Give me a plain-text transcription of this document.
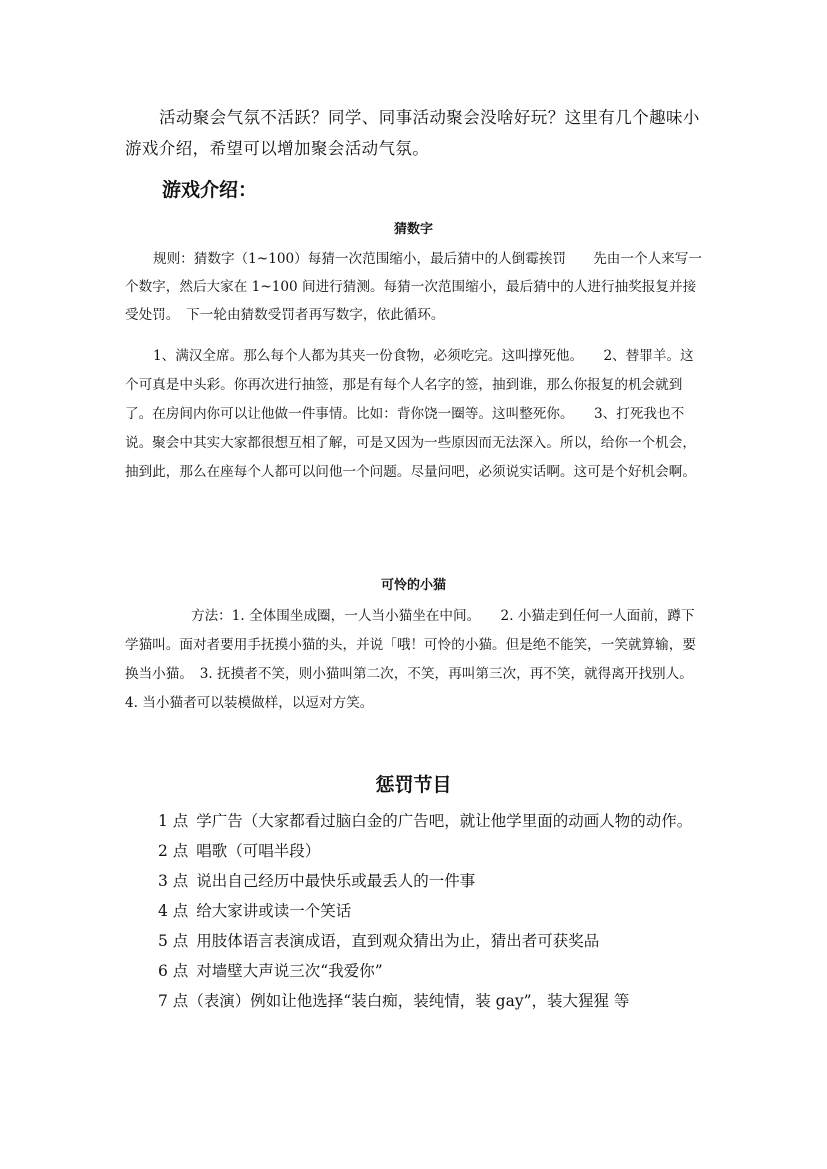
活动聚会气氛不活跃？同学、同事活动聚会没啥好玩？这里有几个趣味小游戏介绍，希望可以增加聚会活动气氛。

游戏介绍：
猜数字

规则：猜数字（1~100）每猜一次范围缩小，最后猜中的人倒霉挨罚　　先由一个人来写一个数字，然后大家在 1~100 间进行猜测。每猜一次范围缩小，最后猜中的人进行抽奖报复并接受处罚。　下一轮由猜数受罚者再写数字，依此循环。

1、满汉全席。那么每个人都为其夹一份食物，必须吃完。这叫撑死他。　　2、替罪羊。这个可真是中头彩。你再次进行抽签，那是有每个人名字的签，抽到谁，那么你报复的机会就到了。在房间内你可以让他做一件事情。比如：背你饶一圈等。这叫整死你。　　3、打死我也不说。聚会中其实大家都很想互相了解，可是又因为一些原因而无法深入。所以，给你一个机会，抽到此，那么在座每个人都可以问他一个问题。尽量问吧，必须说实话啊。这可是个好机会啊。

可怜的小猫

方法：1. 全体围坐成圈，一人当小猫坐在中间。　　2. 小猫走到任何一人面前，蹲下学猫叫。面对者要用手抚摸小猫的头，并说「哦！可怜的小猫。但是绝不能笑，一笑就算输，要换当小猫。　3. 抚摸者不笑，则小猫叫第二次，不笑，再叫第三次，再不笑，就得离开找别人。　　4. 当小猫者可以装模做样，以逗对方笑。

惩罚节目
1 点 学广告（大家都看过脑白金的广告吧，就让他学里面的动画人物的动作。
2 点 唱歌（可唱半段）
3 点 说出自己经历中最快乐或最丢人的一件事
4 点 给大家讲或读一个笑话
5 点 用肢体语言表演成语，直到观众猜出为止，猜出者可获奖品
6 点 对墙壁大声说三次“我爱你”
7 点（表演）例如让他选择“装白痴，装纯情，装 gay”，装大猩猩 等
